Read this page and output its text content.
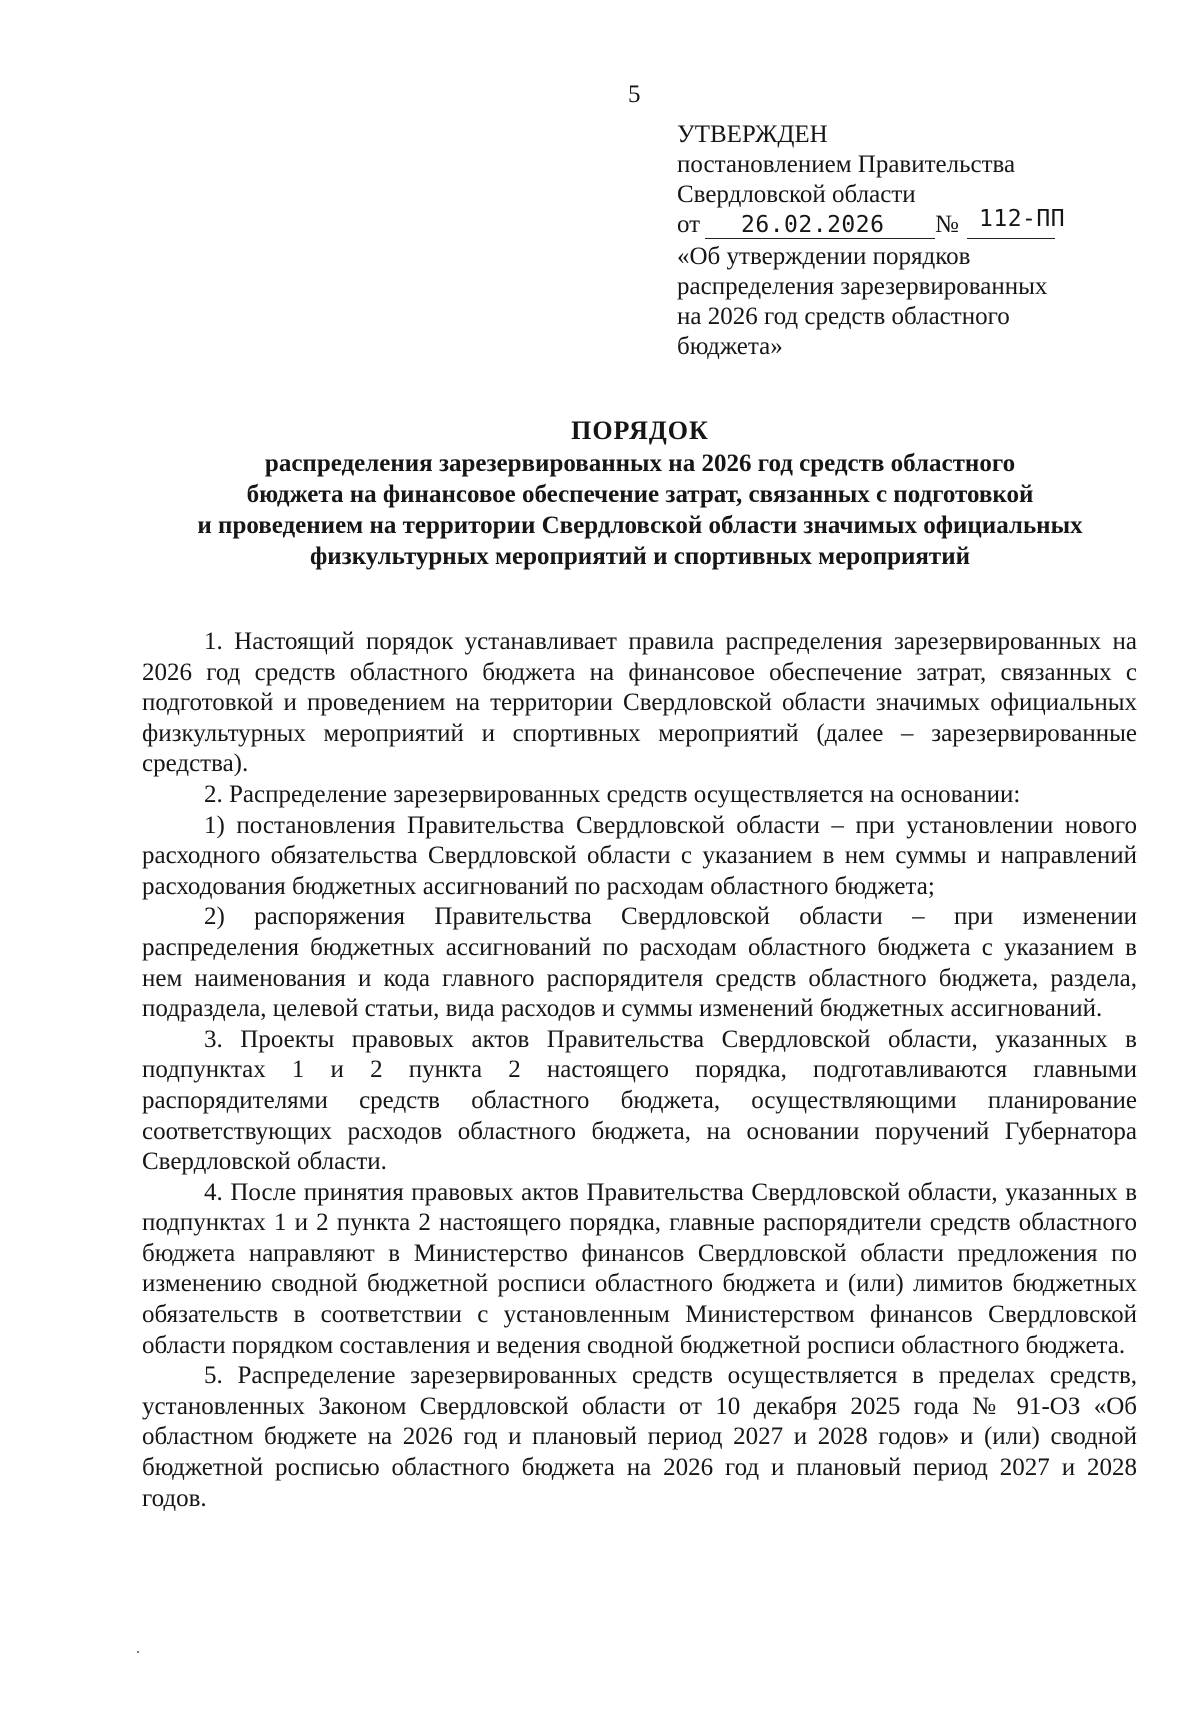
5
УТВЕРЖДЕН
постановлением Правительства
Свердловской области
от 26.02.2026 № 112-ПП
«Об утверждении порядков
распределения зарезервированных
на 2026 год средств областного
бюджета»
ПОРЯДОК
распределения зарезервированных на 2026 год средств областного
бюджета на финансовое обеспечение затрат, связанных с подготовкой
и проведением на территории Свердловской области значимых официальных
физкультурных мероприятий и спортивных мероприятий

1. Настоящий порядок устанавливает правила распределения зарезервированных на 2026 год средств областного бюджета на финансовое обеспечение затрат, связанных с подготовкой и проведением на территории Свердловской области значимых официальных физкультурных мероприятий и спортивных мероприятий (далее – зарезервированные средства).

2. Распределение зарезервированных средств осуществляется на основании:

1) постановления Правительства Свердловской области – при установлении нового расходного обязательства Свердловской области с указанием в нем суммы и направлений расходования бюджетных ассигнований по расходам областного бюджета;

2) распоряжения Правительства Свердловской области – при изменении распределения бюджетных ассигнований по расходам областного бюджета с указанием в нем наименования и кода главного распорядителя средств областного бюджета, раздела, подраздела, целевой статьи, вида расходов и суммы изменений бюджетных ассигнований.

3. Проекты правовых актов Правительства Свердловской области, указанных в подпунктах 1 и 2 пункта 2 настоящего порядка, подготавливаются главными распорядителями средств областного бюджета, осуществляющими планирование соответствующих расходов областного бюджета, на основании поручений Губернатора Свердловской области.

4. После принятия правовых актов Правительства Свердловской области, указанных в подпунктах 1 и 2 пункта 2 настоящего порядка, главные распорядители средств областного бюджета направляют в Министерство финансов Свердловской области предложения по изменению сводной бюджетной росписи областного бюджета и (или) лимитов бюджетных обязательств в соответствии с установленным Министерством финансов Свердловской области порядком составления и ведения сводной бюджетной росписи областного бюджета.

5. Распределение зарезервированных средств осуществляется в пределах средств, установленных Законом Свердловской области от 10 декабря 2025 года № 91-ОЗ «Об областном бюджете на 2026 год и плановый период 2027 и 2028 годов» и (или) сводной бюджетной росписью областного бюджета на 2026 год и плановый период 2027 и 2028 годов.
